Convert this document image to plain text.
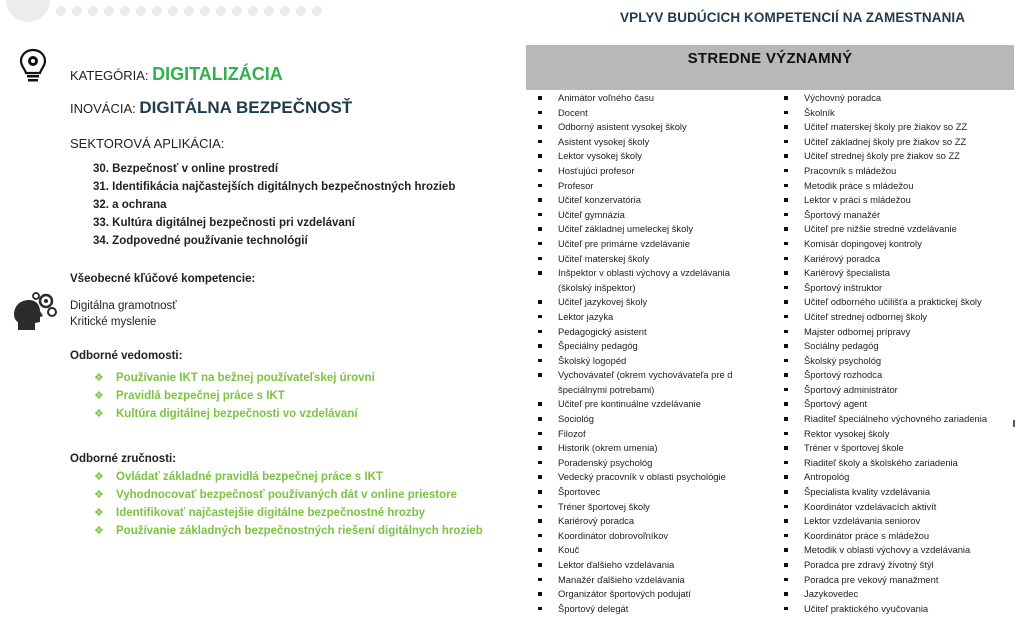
VPLYV BUDÚCICH KOMPETENCIÍ NA ZAMESTNANIA
KATEGÓRIA: DIGITALIZÁCIA
INOVÁCIA: DIGITÁLNA BEZPEČNOSŤ
SEKTOROVÁ APLIKÁCIA:
30. Bezpečnosť v online prostredí
31. Identifikácia najčastejších digitálnych bezpečnostných hrozieb
32. a ochrana
33. Kultúra digitálnej bezpečnosti pri vzdelávaní
34. Zodpovedné používanie technológií
Všeobecné kľúčové kompetencie:
Digitálna gramotnosť
Kritické myslenie
Odborné vedomosti:
❖	Používanie IKT na bežnej používateľskej úrovni
❖	Pravidlá bezpečnej práce s IKT
❖	Kultúra digitálnej bezpečnosti vo vzdelávaní
Odborné zručnosti:
❖	Ovládať základné pravidlá bezpečnej práce s IKT
❖	Vyhodnocovať bezpečnosť používaných dát v online priestore
❖	Identifikovať najčastejšie digitálne bezpečnostné hrozby
❖	Používanie základných bezpečnostných riešení digitálnych hrozieb
STREDNE VÝZNAMNÝ
Animátor voľného času
Docent
Odborný asistent vysokej školy
Asistent vysokej školy
Lektor vysokej školy
Hosťujúci profesor
Profesor
Učiteľ konzervatória
Učiteľ gymnázia
Učiteľ základnej umeleckej školy
Učiteľ pre primárne vzdelávanie
Učiteľ materskej školy
Inšpektor v oblasti výchovy a vzdelávania
(školský inšpektor)
Učiteľ jazykovej školy
Lektor jazyka
Pedagogický asistent
Špeciálny pedagóg
Školský logopéd
Vychovávateľ (okrem vychovávateľa pre d
špeciálnymi potrebami)
Učiteľ pre kontinuálne vzdelávanie
Sociológ
Filozof
Historik (okrem umenia)
Poradenský psychológ
Vedecký pracovník v oblasti psychológie
Športovec
Tréner športovej školy
Kariérový poradca
Koordinátor dobrovoľníkov
Kouč
Lektor ďalšieho vzdelávania
Manažér ďalšieho vzdelávania
Organizátor športových podujatí
Športový delegát
Výchovný poradca
Školník
Učiteľ materskej školy pre žiakov so ZZ
Učiteľ základnej školy pre žiakov so ZZ
Učiteľ strednej školy pre žiakov so ZZ
Pracovník s mládežou
Metodik práce s mládežou
Lektor v práci s mládežou
Športový manažér
Učiteľ pre nižšie stredné vzdelávanie
Komisár dopingovej kontroly
Kariérový poradca
Kariérový špecialista
Športový inštruktor
Učiteľ odborného učilišťa a praktickej školy
Učiteľ strednej odbornej školy
Majster odbornej prípravy
Sociálny pedagóg
Školský psychológ
Športový rozhodca
Športový administrátor
Športový agent
Riaditeľ špeciálneho výchovného zariadenia
Rektor vysokej školy
Tréner v športovej škole
Riaditeľ školy a školského zariadenia
Antropológ
Špecialista kvality vzdelávania
Koordinátor vzdelávacích aktivít
Lektor vzdelávania seniorov
Koordinátor práce s mládežou
Metodik v oblasti výchovy a vzdelávania
Poradca pre zdravý životný štýl
Poradca pre vekový manažment
Jazykovedec
Učiteľ praktického vyučovania
